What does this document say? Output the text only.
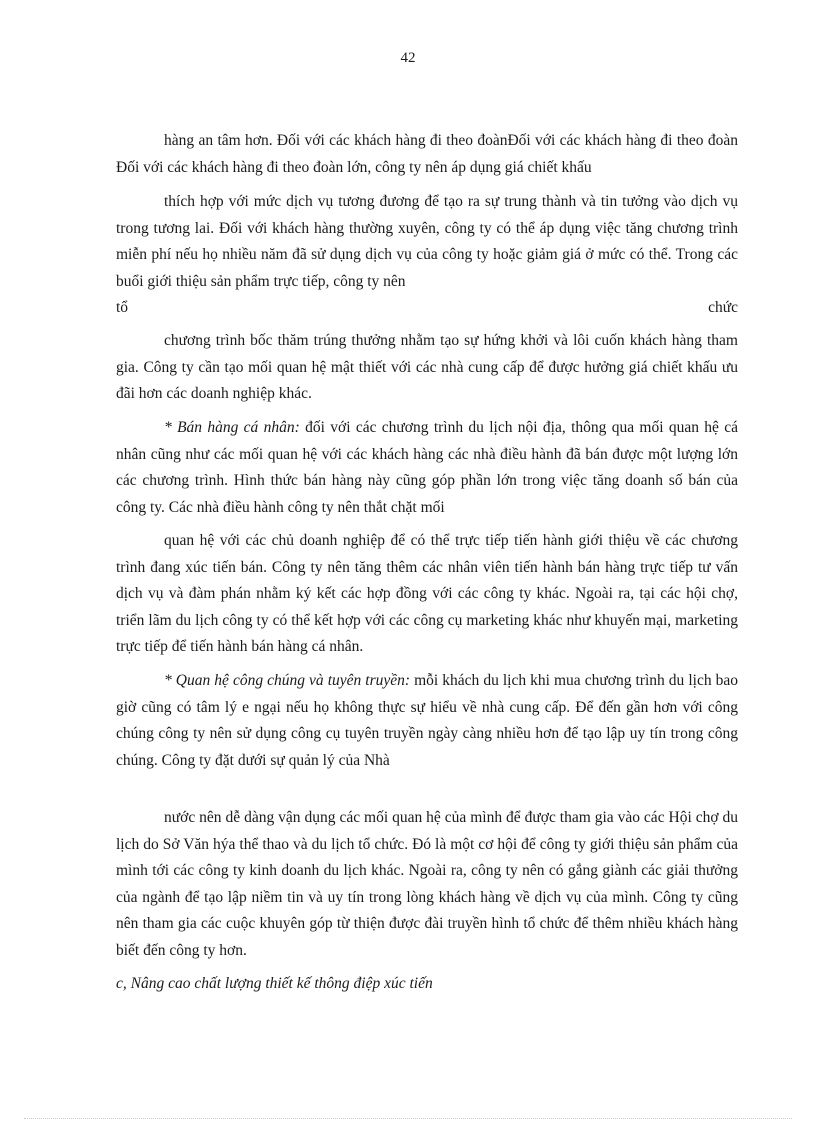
42

hàng an tâm hơn. Đối với các khách hàng đi theo đoànĐối với các khách hàng đi theo đoàn Đối với các khách hàng đi theo đoàn lớn, công ty nên áp dụng giá chiết khấu

thích hợp với mức dịch vụ tương đương để tạo ra sự trung thành và tin tưởng vào dịch vụ trong tương lai. Đối với khách hàng thường xuyên, công ty có thể áp dụng việc tăng chương trình miễn phí nếu họ nhiều năm đã sử dụng dịch vụ của công ty hoặc giảm giá ở mức có thể. Trong các buổi giới thiệu sản phẩm trực tiếp, công ty nên

tổ	chức

chương trình bốc thăm trúng thưởng nhằm tạo sự hứng khởi và lôi cuốn khách hàng tham gia. Công ty cần tạo mối quan hệ mật thiết với các nhà cung cấp để được hưởng giá chiết khấu ưu đãi hơn các doanh nghiệp khác.

* Bán hàng cá nhân: đối với các chương trình du lịch nội địa, thông qua mối quan hệ cá nhân cũng như các mối quan hệ với các khách hàng các nhà điều hành đã bán được một lượng lớn các chương trình. Hình thức bán hàng này cũng góp phần lớn trong việc tăng doanh số bán của công ty. Các nhà điều hành công ty nên thắt chặt mối

quan hệ với các chủ doanh nghiệp để có thể trực tiếp tiến hành giới thiệu về các chương trình đang xúc tiến bán. Công ty nên tăng thêm các nhân viên tiến hành bán hàng trực tiếp tư vấn dịch vụ và đàm phán nhằm ký kết các hợp đồng với các công ty khác. Ngoài ra, tại các hội chợ, triển lãm du lịch công ty có thể kết hợp với các công cụ marketing khác như khuyến mại, marketing trực tiếp để tiến hành bán hàng cá nhân.

* Quan hệ công chúng và tuyên truyền: mỗi khách du lịch khi mua chương trình du lịch bao giờ cũng có tâm lý e ngại nếu họ không thực sự hiểu về nhà cung cấp. Để đến gần hơn với công chúng công ty nên sử dụng công cụ tuyên truyền ngày càng nhiều hơn để tạo lập uy tín trong công chúng. Công ty đặt dưới sự quản lý của Nhà

nước nên dễ dàng vận dụng các mối quan hệ của mình để được tham gia vào các Hội chợ du lịch do Sở Văn hýa thể thao và du lịch tổ chức. Đó là một cơ hội để công ty giới thiệu sản phẩm của mình tới các công ty kinh doanh du lịch khác. Ngoài ra, công ty nên có gắng giành các giải thưởng của ngành để tạo lập niềm tin và uy tín trong lòng khách hàng về dịch vụ của mình. Công ty cũng nên tham gia các cuộc khuyên góp từ thiện được đài truyền hình tổ chức để thêm nhiều khách hàng biết đến công ty hơn.

c, Nâng cao chất lượng thiết kế thông điệp xúc tiến
